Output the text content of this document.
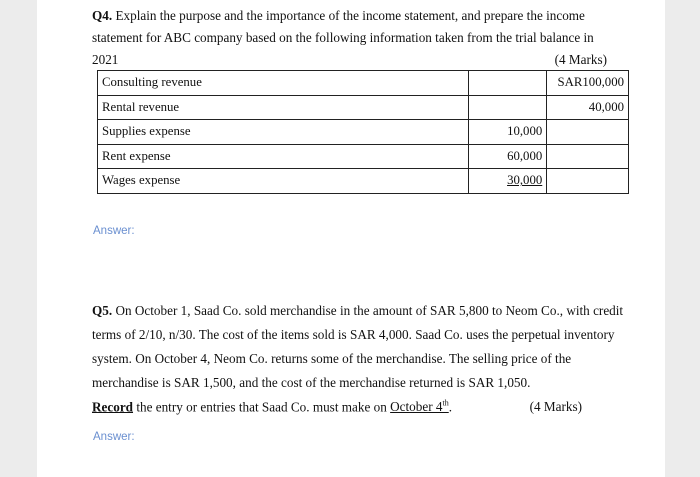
Q4. Explain the purpose and the importance of the income statement, and prepare the income
statement for ABC company based on the following information taken from the trial balance in
2021	(4 Marks)
Consulting revenue		SAR100,000
Rental revenue		40,000
Supplies expense	10,000	
Rent expense	60,000	
Wages expense	30,000	
Answer:
Q5. On October 1, Saad Co. sold merchandise in the amount of SAR 5,800 to Neom Co., with credit
terms of 2/10, n/30. The cost of the items sold is SAR 4,000. Saad Co. uses the perpetual inventory
system. On October 4, Neom Co. returns some of the merchandise. The selling price of the
merchandise is SAR 1,500, and the cost of the merchandise returned is SAR 1,050.
Record the entry or entries that Saad Co. must make on October 4th.	(4 Marks)
Answer:
